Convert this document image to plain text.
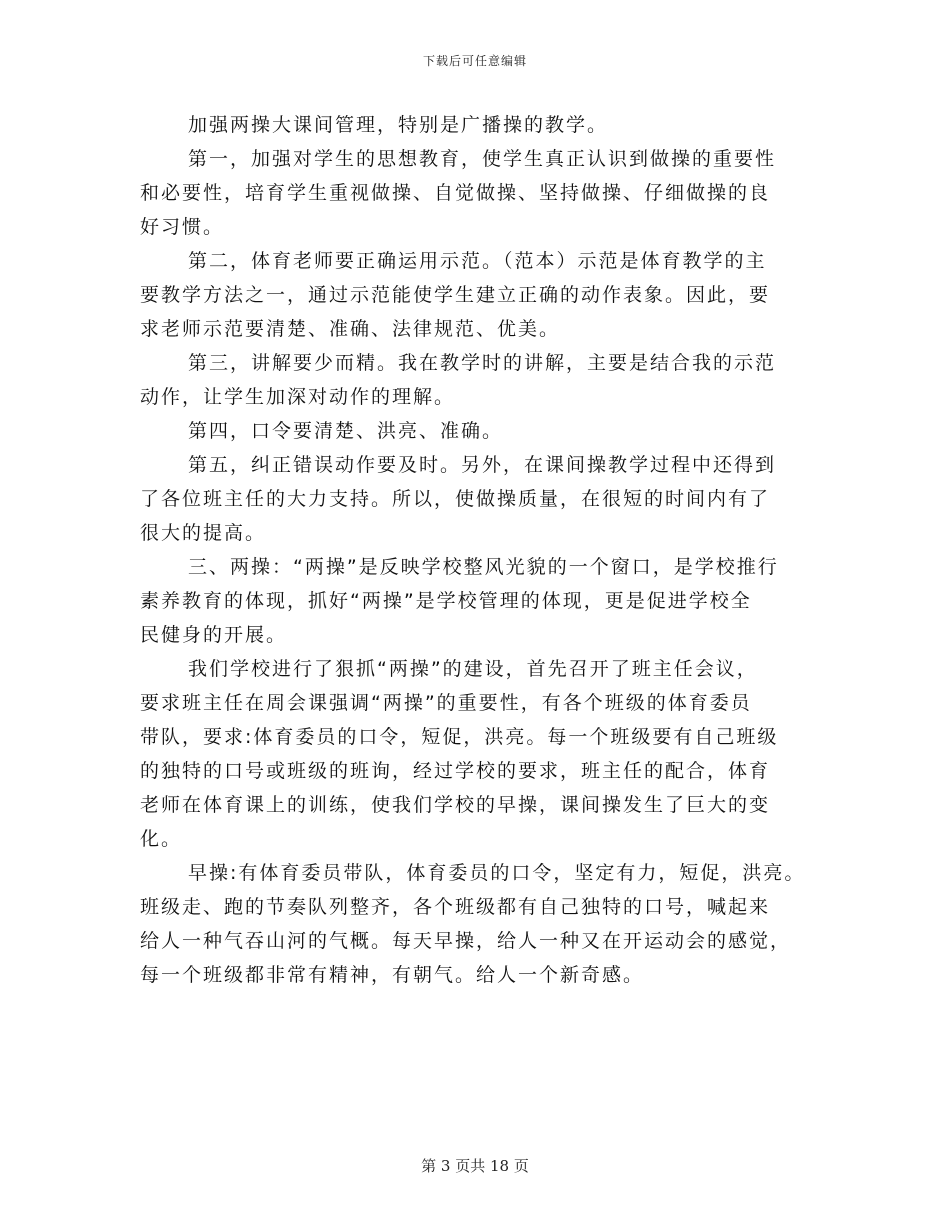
下载后可任意编辑
加强两操大课间管理，特别是广播操的教学。
第一，加强对学生的思想教育，使学生真正认识到做操的重要性
和必要性，培育学生重视做操、自觉做操、坚持做操、仔细做操的良
好习惯。
第二，体育老师要正确运用示范。（范本）示范是体育教学的主
要教学方法之一，通过示范能使学生建立正确的动作表象。因此，要
求老师示范要清楚、准确、法律规范、优美。
第三，讲解要少而精。我在教学时的讲解，主要是结合我的示范
动作，让学生加深对动作的理解。
第四，口令要清楚、洪亮、准确。
第五，纠正错误动作要及时。另外，在课间操教学过程中还得到
了各位班主任的大力支持。所以，使做操质量，在很短的时间内有了
很大的提高。
三、两操：“两操”是反映学校整风光貌的一个窗口，是学校推行
素养教育的体现，抓好“两操”是学校管理的体现，更是促进学校全
民健身的开展。
我们学校进行了狠抓“两操”的建设，首先召开了班主任会议，
要求班主任在周会课强调“两操”的重要性，有各个班级的体育委员
带队，要求:体育委员的口令，短促，洪亮。每一个班级要有自己班级
的独特的口号或班级的班询，经过学校的要求，班主任的配合，体育
老师在体育课上的训练，使我们学校的早操，课间操发生了巨大的变
化。
早操:有体育委员带队，体育委员的口令，坚定有力，短促，洪亮。
班级走、跑的节奏队列整齐，各个班级都有自己独特的口号，喊起来
给人一种气吞山河的气概。每天早操，给人一种又在开运动会的感觉，
每一个班级都非常有精神，有朝气。给人一个新奇感。
第 3 页共 18 页
